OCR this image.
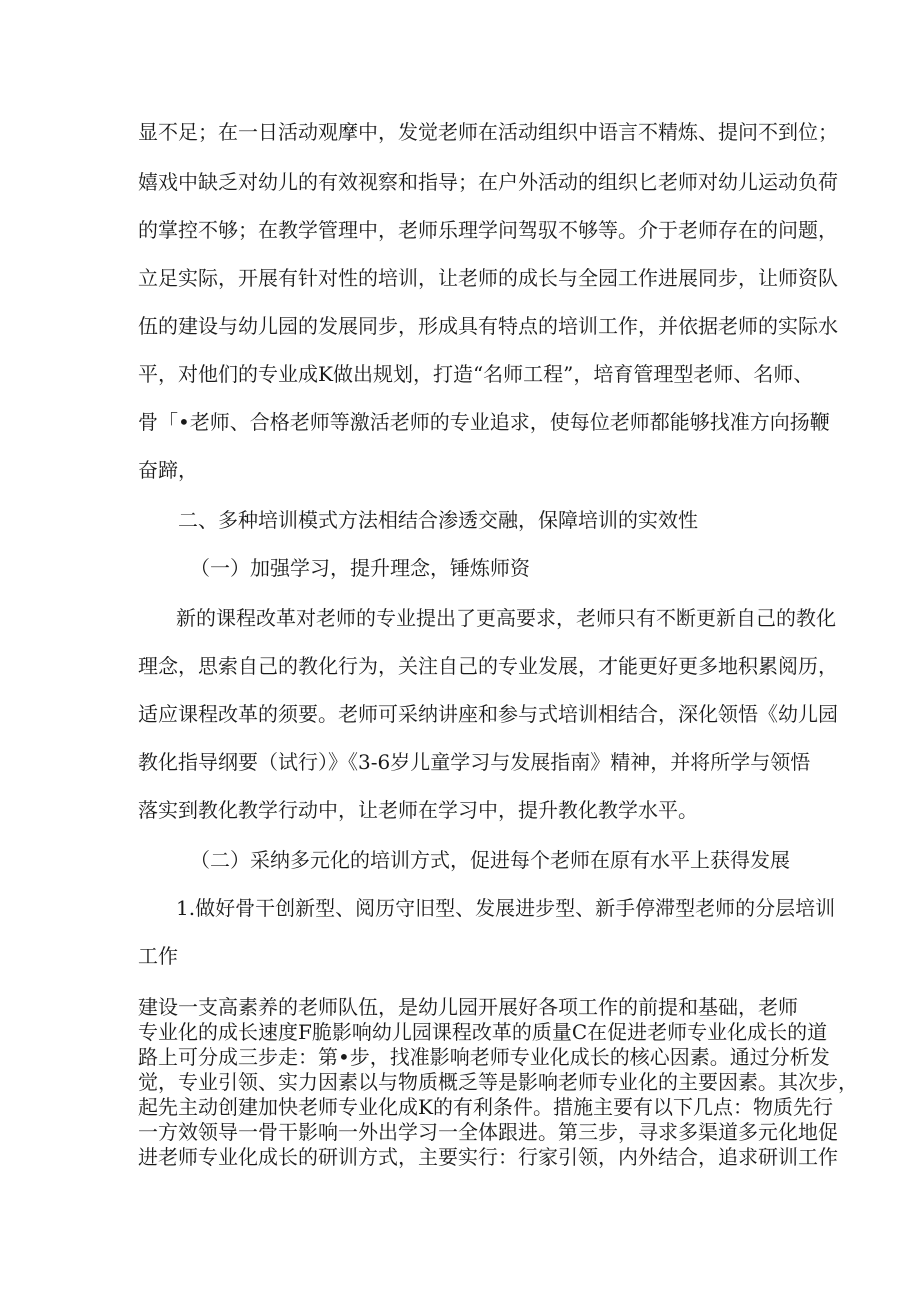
显不足；在一日活动观摩中，发觉老师在活动组织中语言不精炼、提问不到位；
嬉戏中缺乏对幼儿的有效视察和指导；在户外活动的组织匕老师对幼儿运动负荷
的掌控不够；在教学管理中，老师乐理学问驾驭不够等。介于老师存在的问题，
立足实际，开展有针对性的培训，让老师的成长与全园工作进展同步，让师资队
伍的建设与幼儿园的发展同步，形成具有特点的培训工作，并依据老师的实际水
平，对他们的专业成K做出规划，打造“名师工程”，培育管理型老师、名师、
骨「•老师、合格老师等激活老师的专业追求，使每位老师都能够找准方向扬鞭
奋蹄，
二、多种培训模式方法相结合渗透交融，保障培训的实效性
（一）加强学习，提升理念，锤炼师资
新的课程改革对老师的专业提出了更高要求，老师只有不断更新自己的教化
理念，思索自己的教化行为，关注自己的专业发展，才能更好更多地积累阅历，
适应课程改革的须要。老师可采纳讲座和参与式培训相结合，深化领悟《幼儿园
教化指导纲要（试行）》《3-6岁儿童学习与发展指南》精神，并将所学与领悟
落实到教化教学行动中，让老师在学习中，提升教化教学水平。
（二）采纳多元化的培训方式，促进每个老师在原有水平上获得发展
1.做好骨干创新型、阅历守旧型、发展进步型、新手停滞型老师的分层培训
工作
建设一支高素养的老师队伍，是幼儿园开展好各项工作的前提和基础，老师
专业化的成长速度F脆影响幼儿园课程改革的质量C在促进老师专业化成长的道
路上可分成三步走：第•步，找准影响老师专业化成长的核心因素。通过分析发
觉，专业引领、实力因素以与物质概乏等是影响老师专业化的主要因素。其次步，
起先主动创建加快老师专业化成K的有利条件。措施主要有以下几点：物质先行
一方效领导一骨干影响一外出学习一全体跟进。第三步，寻求多渠道多元化地促
进老师专业化成长的研训方式，主要实行：行家引领，内外结合，追求研训工作
